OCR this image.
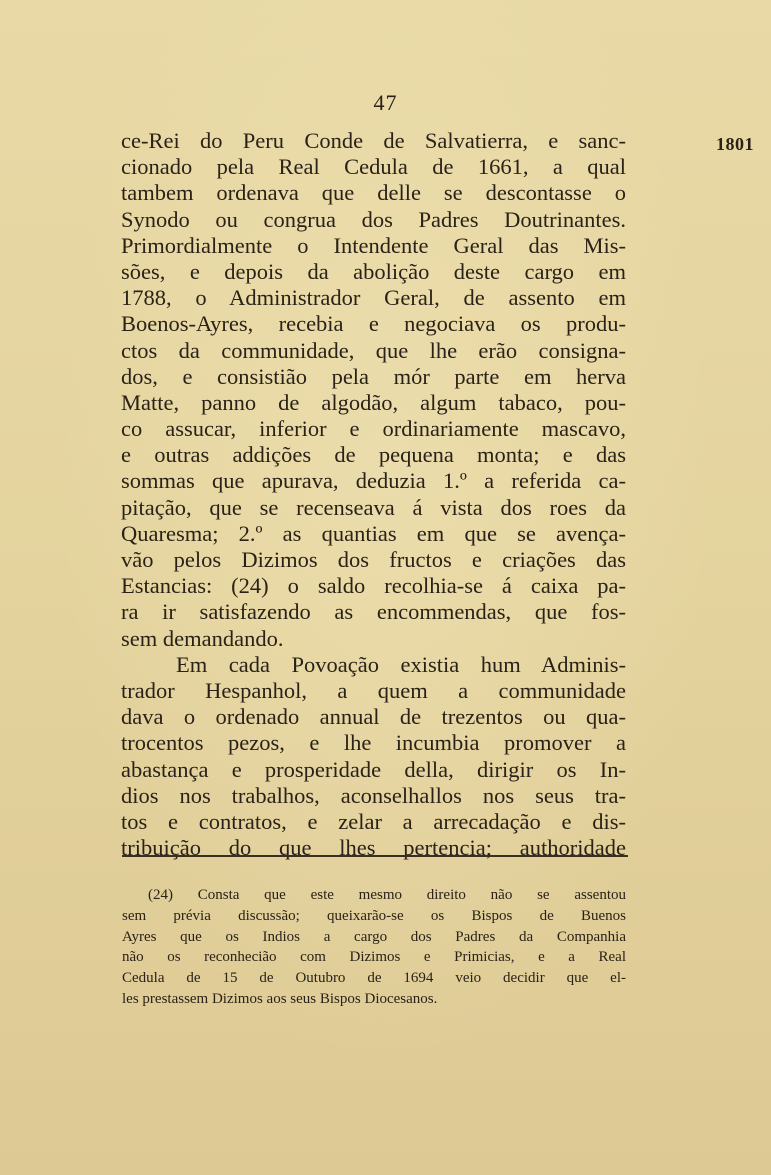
47
1801
ce-Rei do Peru Conde de Salvatierra, e sanc-
cionado pela Real Cedula de 1661, a qual
tambem ordenava que delle se descontasse o
Synodo ou congrua dos Padres Doutrinantes.
Primordialmente o Intendente Geral das Mis-
sões, e depois da abolição deste cargo em
1788, o Administrador Geral, de assento em
Boenos-Ayres, recebia e negociava os produ-
ctos da communidade, que lhe erão consigna-
dos, e consistião pela mór parte em herva
Matte, panno de algodão, algum tabaco, pou-
co assucar, inferior e ordinariamente mascavo,
e outras addições de pequena monta; e das
sommas que apurava, deduzia 1.º a referida ca-
pitação, que se recenseava á vista dos roes da
Quaresma; 2.º as quantias em que se avença-
vão pelos Dizimos dos fructos e criações das
Estancias: (24) o saldo recolhia-se á caixa pa-
ra ir satisfazendo as encommendas, que fos-
sem demandando.
Em cada Povoação existia hum Adminis-
trador Hespanhol, a quem a communidade
dava o ordenado annual de trezentos ou qua-
trocentos pezos, e lhe incumbia promover a
abastança e prosperidade della, dirigir os In-
dios nos trabalhos, aconselhallos nos seus tra-
tos e contratos, e zelar a arrecadação e dis-
tribuição do que lhes pertencia; authoridade
(24) Consta que este mesmo direito não se assentou
sem prévia discussão; queixarão-se os Bispos de Buenos
Ayres que os Indios a cargo dos Padres da Companhia
não os reconhecião com Dizimos e Primicias, e a Real
Cedula de 15 de Outubro de 1694 veio decidir que el-
les prestassem Dizimos aos seus Bispos Diocesanos.
